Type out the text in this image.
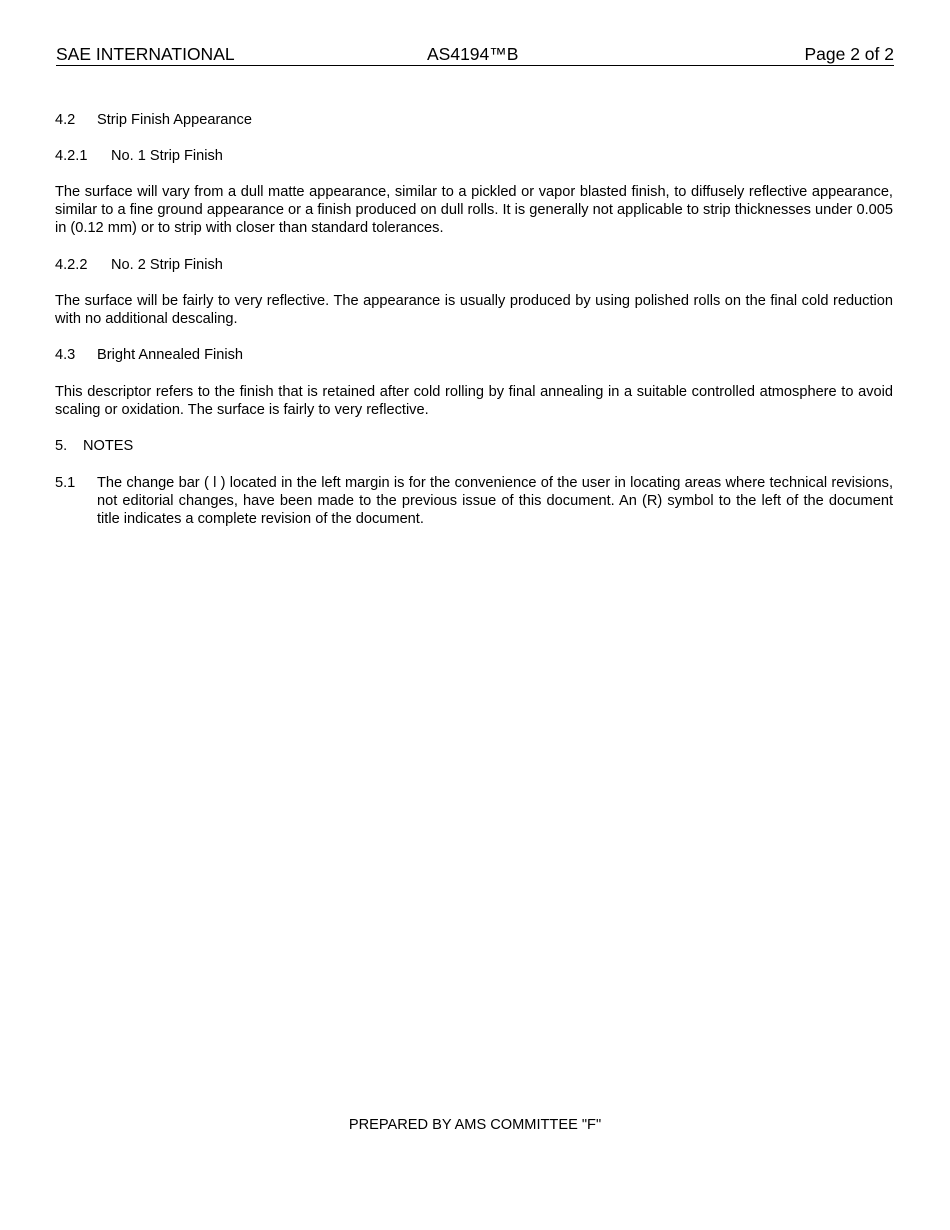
SAE INTERNATIONAL	AS4194™B	Page 2 of 2
4.2 Strip Finish Appearance
4.2.1 No. 1 Strip Finish
The surface will vary from a dull matte appearance, similar to a pickled or vapor blasted finish, to diffusely reflective appearance, similar to a fine ground appearance or a finish produced on dull rolls. It is generally not applicable to strip thicknesses under 0.005 in (0.12 mm) or to strip with closer than standard tolerances.
4.2.2 No. 2 Strip Finish
The surface will be fairly to very reflective. The appearance is usually produced by using polished rolls on the final cold reduction with no additional descaling.
4.3 Bright Annealed Finish
This descriptor refers to the finish that is retained after cold rolling by final annealing in a suitable controlled atmosphere to avoid scaling or oxidation. The surface is fairly to very reflective.
5. NOTES
5.1	The change bar ( l ) located in the left margin is for the convenience of the user in locating areas where technical revisions, not editorial changes, have been made to the previous issue of this document. An (R) symbol to the left of the document title indicates a complete revision of the document.
PREPARED BY AMS COMMITTEE "F"
